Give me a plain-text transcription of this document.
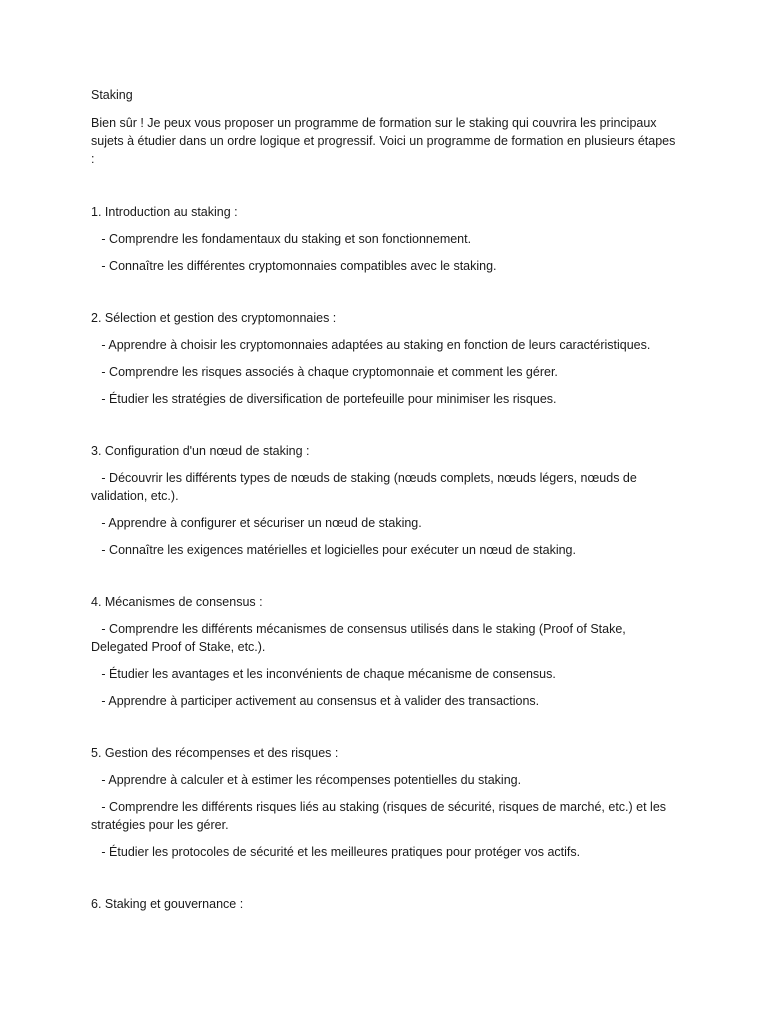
Staking

Bien sûr ! Je peux vous proposer un programme de formation sur le staking qui couvrira les principaux sujets à étudier dans un ordre logique et progressif. Voici un programme de formation en plusieurs étapes :

1. Introduction au staking :

- Comprendre les fondamentaux du staking et son fonctionnement.

- Connaître les différentes cryptomonnaies compatibles avec le staking.

2. Sélection et gestion des cryptomonnaies :

- Apprendre à choisir les cryptomonnaies adaptées au staking en fonction de leurs caractéristiques.

- Comprendre les risques associés à chaque cryptomonnaie et comment les gérer.

- Étudier les stratégies de diversification de portefeuille pour minimiser les risques.

3. Configuration d'un nœud de staking :

- Découvrir les différents types de nœuds de staking (nœuds complets, nœuds légers, nœuds de validation, etc.).

- Apprendre à configurer et sécuriser un nœud de staking.

- Connaître les exigences matérielles et logicielles pour exécuter un nœud de staking.

4. Mécanismes de consensus :

- Comprendre les différents mécanismes de consensus utilisés dans le staking (Proof of Stake, Delegated Proof of Stake, etc.).

- Étudier les avantages et les inconvénients de chaque mécanisme de consensus.

- Apprendre à participer activement au consensus et à valider des transactions.

5. Gestion des récompenses et des risques :

- Apprendre à calculer et à estimer les récompenses potentielles du staking.

- Comprendre les différents risques liés au staking (risques de sécurité, risques de marché, etc.) et les stratégies pour les gérer.

- Étudier les protocoles de sécurité et les meilleures pratiques pour protéger vos actifs.

6. Staking et gouvernance :
